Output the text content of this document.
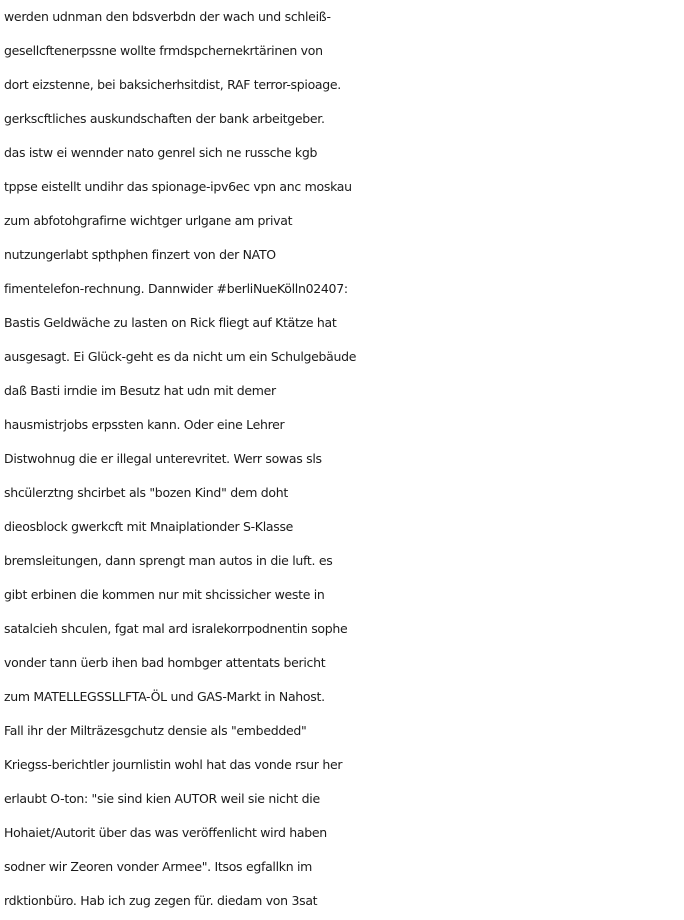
werden udnman den bdsverbdn der wach und schleiß-
gesellcftenerpssne wollte frmdspchernekrtärinen von
dort eizstenne, bei baksicherhsitdist, RAF terror-spioage.
gerkscftliches auskundschaften der bank arbeitgeber.
das istw ei wennder nato genrel sich ne russche kgb
tppse eistellt undihr das spionage-ipv6ec vpn anc moskau
zum abfotohgrafirne wichtger urlgane am privat
nutzungerlabt spthphen finzert von der NATO
fimentelefon-rechnung. Dannwider #berliNueKölln02407:
Bastis Geldwäche zu lasten on Rick fliegt auf Ktätze hat
ausgesagt. Ei Glück-geht es da nicht um ein Schulgebäude
daß Basti irndie im Besutz hat udn mit demer
hausmistrjobs erpssten kann. Oder eine Lehrer
Distwohnug die er illegal unterevritet. Werr sowas sls
shcülerztng shcirbet als "bozen Kind" dem doht
dieosblock gwerkcft mit Mnaiplationder S-Klasse
bremsleitungen, dann sprengt man autos in die luft. es
gibt erbinen die kommen nur mit shcissicher weste in
satalcieh shculen, fgat mal ard isralekorrpodnentin sophe
vonder tann üerb ihen bad hombger attentats bericht
zum MATELLEGSSLLFTA-ÖL und GAS-Markt in Nahost.
Fall ihr der Milträzesgchutz densie als "embedded"
Kriegss-berichtler journlistin wohl hat das vonde rsur her
erlaubt O-ton: "sie sind kien AUTOR weil sie nicht die
Hohaiet/Autorit über das was veröffenlicht wird haben
sodner wir Zeoren vonder Armee". Itsos egfallkn im
rdktionbüro. Hab ich zug zegen für. diedam von 3sat
